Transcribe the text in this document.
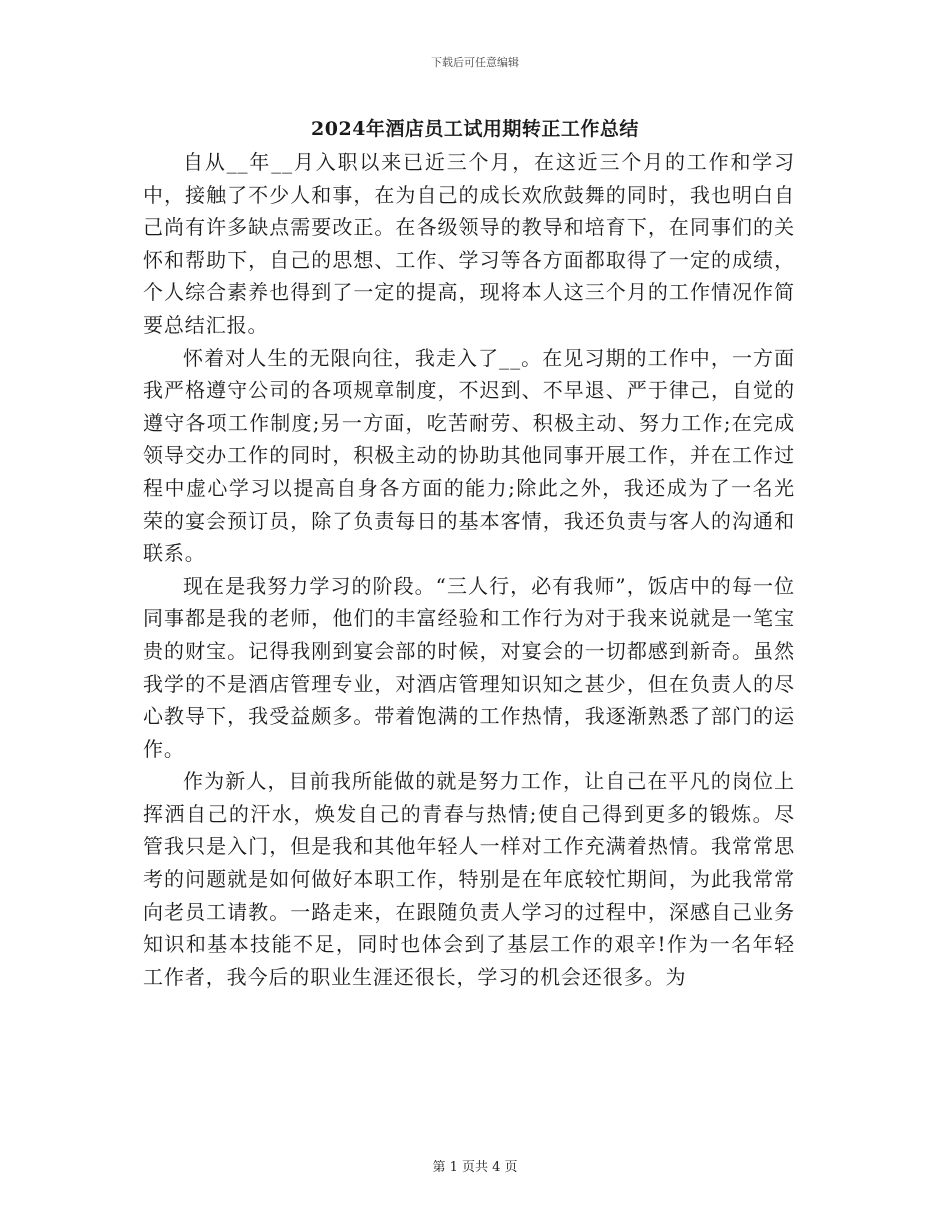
下载后可任意编辑
2024年酒店员工试用期转正工作总结

自从__年__月入职以来已近三个月，在这近三个月的工作和学习中，接触了不少人和事，在为自己的成长欢欣鼓舞的同时，我也明白自己尚有许多缺点需要改正。在各级领导的教导和培育下，在同事们的关怀和帮助下，自己的思想、工作、学习等各方面都取得了一定的成绩，个人综合素养也得到了一定的提高，现将本人这三个月的工作情况作简要总结汇报。

怀着对人生的无限向往，我走入了__。在见习期的工作中，一方面我严格遵守公司的各项规章制度，不迟到、不早退、严于律己，自觉的遵守各项工作制度;另一方面，吃苦耐劳、积极主动、努力工作;在完成领导交办工作的同时，积极主动的协助其他同事开展工作，并在工作过程中虚心学习以提高自身各方面的能力;除此之外，我还成为了一名光荣的宴会预订员，除了负责每日的基本客情，我还负责与客人的沟通和联系。

现在是我努力学习的阶段。“三人行，必有我师”，饭店中的每一位同事都是我的老师，他们的丰富经验和工作行为对于我来说就是一笔宝贵的财宝。记得我刚到宴会部的时候，对宴会的一切都感到新奇。虽然我学的不是酒店管理专业，对酒店管理知识知之甚少，但在负责人的尽心教导下，我受益颇多。带着饱满的工作热情，我逐渐熟悉了部门的运作。

作为新人，目前我所能做的就是努力工作，让自己在平凡的岗位上挥洒自己的汗水，焕发自己的青春与热情;使自己得到更多的锻炼。尽管我只是入门，但是我和其他年轻人一样对工作充满着热情。我常常思考的问题就是如何做好本职工作，特别是在年底较忙期间，为此我常常向老员工请教。一路走来，在跟随负责人学习的过程中，深感自己业务知识和基本技能不足，同时也体会到了基层工作的艰辛!作为一名年轻工作者，我今后的职业生涯还很长，学习的机会还很多。为

第 1 页共 4 页
